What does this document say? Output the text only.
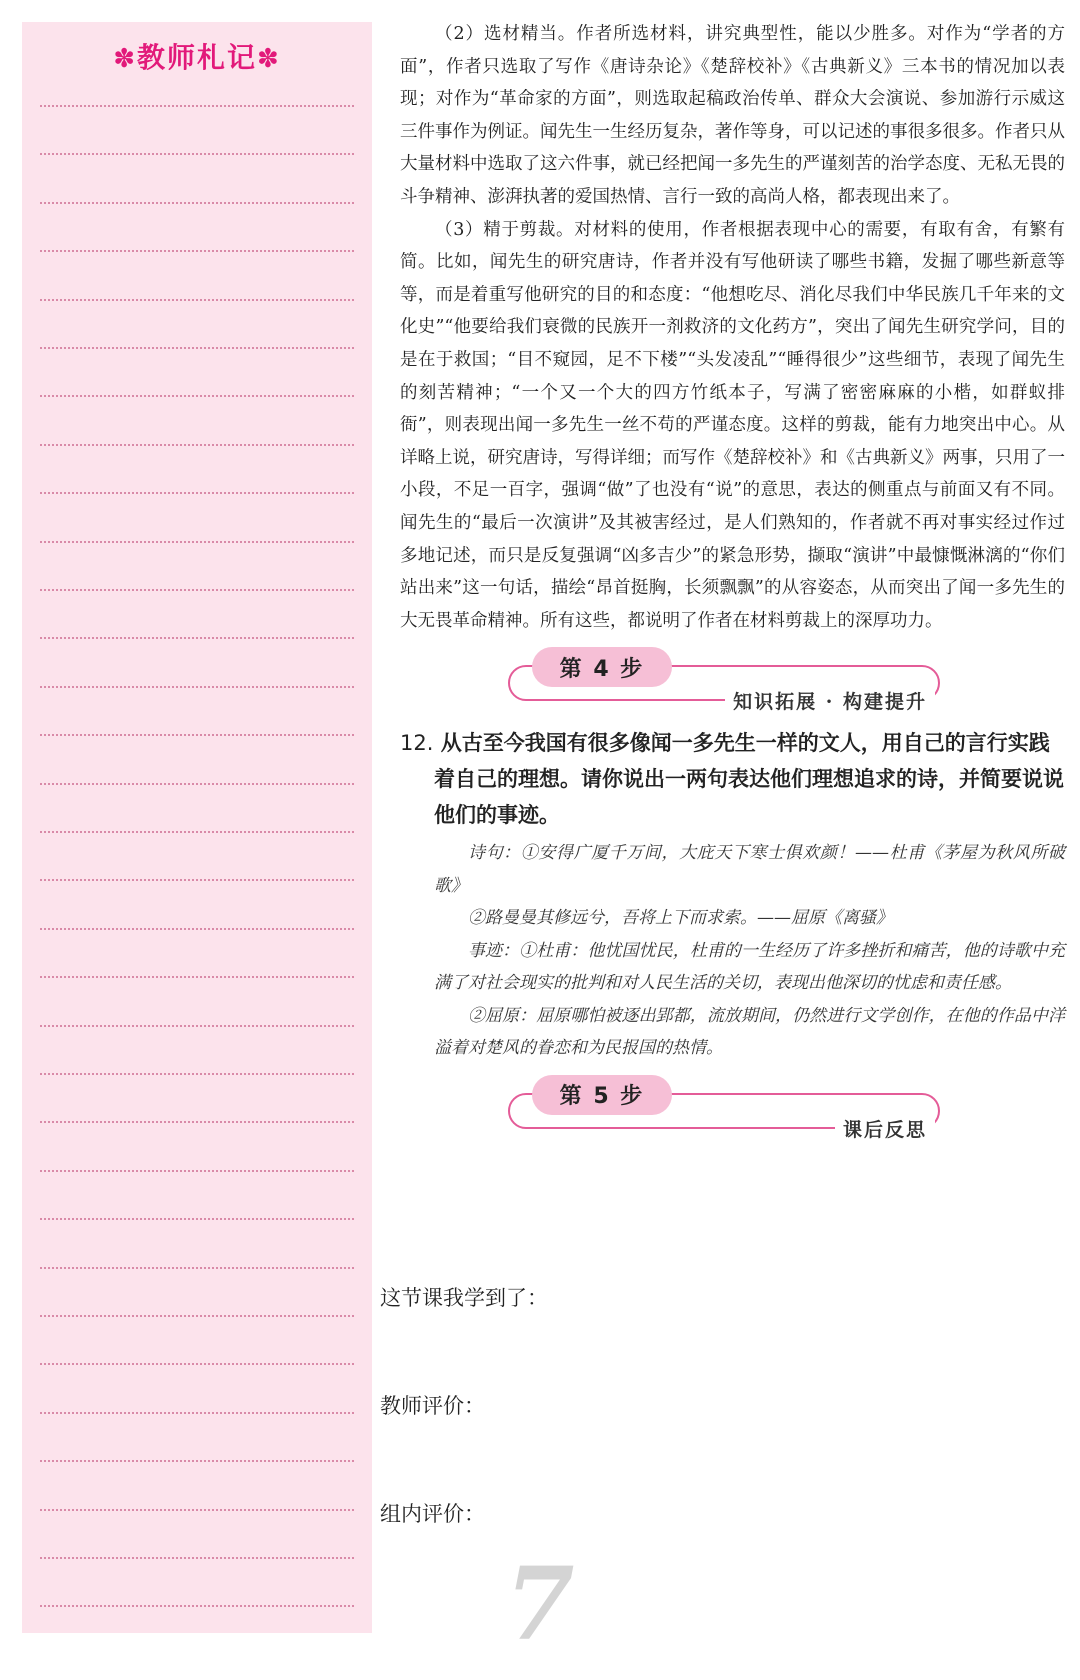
✽教师札记✽

（2）选材精当。作者所选材料，讲究典型性，能以少胜多。对作为“学者的方面”，作者只选取了写作《唐诗杂论》《楚辞校补》《古典新义》三本书的情况加以表现；对作为“革命家的方面”，则选取起稿政治传单、群众大会演说、参加游行示威这三件事作为例证。闻先生一生经历复杂，著作等身，可以记述的事很多很多。作者只从大量材料中选取了这六件事，就已经把闻一多先生的严谨刻苦的治学态度、无私无畏的斗争精神、澎湃执著的爱国热情、言行一致的高尚人格，都表现出来了。

（3）精于剪裁。对材料的使用，作者根据表现中心的需要，有取有舍，有繁有简。比如，闻先生的研究唐诗，作者并没有写他研读了哪些书籍，发掘了哪些新意等等，而是着重写他研究的目的和态度：“他想吃尽、消化尽我们中华民族几千年来的文化史”“他要给我们衰微的民族开一剂救济的文化药方”，突出了闻先生研究学问，目的是在于救国；“目不窥园，足不下楼”“头发凌乱”“睡得很少”这些细节，表现了闻先生的刻苦精神；“一个又一个大的四方竹纸本子，写满了密密麻麻的小楷，如群蚁排衙”，则表现出闻一多先生一丝不苟的严谨态度。这样的剪裁，能有力地突出中心。从详略上说，研究唐诗，写得详细；而写作《楚辞校补》和《古典新义》两事，只用了一小段，不足一百字，强调“做”了也没有“说”的意思，表达的侧重点与前面又有不同。闻先生的“最后一次演讲”及其被害经过，是人们熟知的，作者就不再对事实经过作过多地记述，而只是反复强调“凶多吉少”的紧急形势，撷取“演讲”中最慷慨淋漓的“你们站出来”这一句话，描绘“昂首挺胸，长须飘飘”的从容姿态，从而突出了闻一多先生的大无畏革命精神。所有这些，都说明了作者在材料剪裁上的深厚功力。

第 4 步
知识拓展 · 构建提升

12. 从古至今我国有很多像闻一多先生一样的文人，用自己的言行实践着自己的理想。请你说出一两句表达他们理想追求的诗，并简要说说他们的事迹。

诗句：①安得广厦千万间，大庇天下寒士俱欢颜！——杜甫《茅屋为秋风所破歌》

②路曼曼其修远兮，吾将上下而求索。——屈原《离骚》

事迹：①杜甫：他忧国忧民，杜甫的一生经历了许多挫折和痛苦，他的诗歌中充满了对社会现实的批判和对人民生活的关切，表现出他深切的忧虑和责任感。

②屈原：屈原哪怕被逐出郢都，流放期间，仍然进行文学创作，在他的作品中洋溢着对楚风的眷恋和为民报国的热情。

第 5 步
课后反思

这节课我学到了：

教师评价：

组内评价：

7
